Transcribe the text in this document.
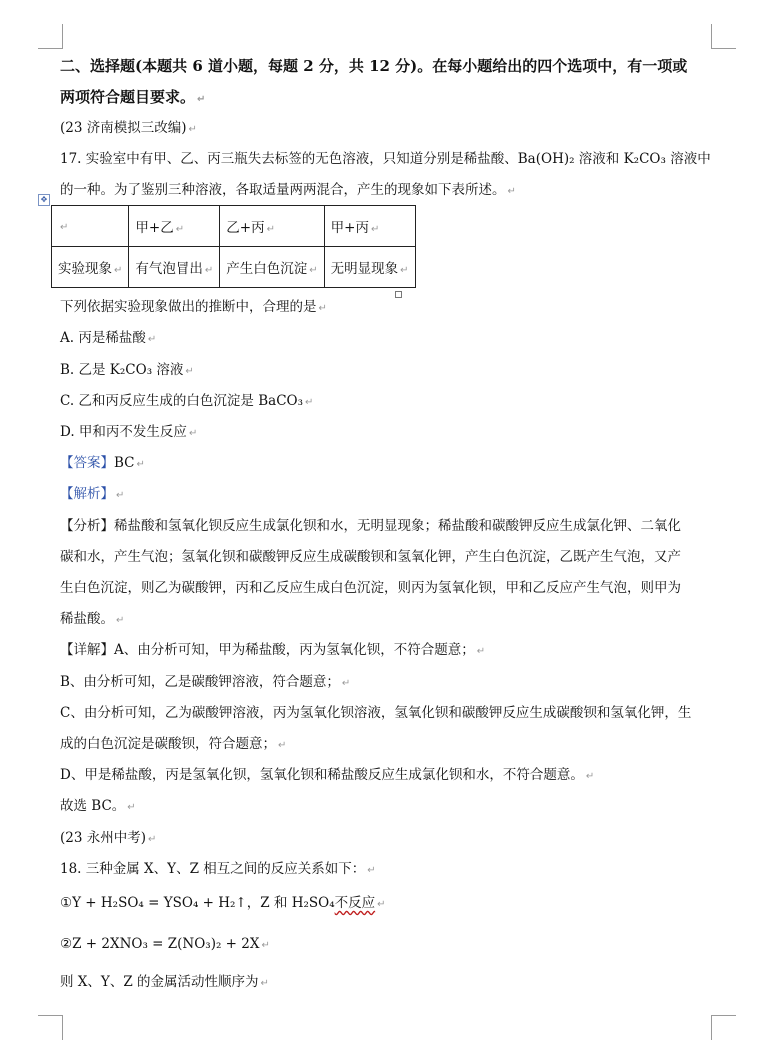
二、选择题(本题共 6 道小题，每题 2 分，共 12 分)。在每小题给出的四个选项中，有一项或
两项符合题目要求。 ↵
(23 济南模拟三改编) ↵
17. 实验室中有甲、乙、丙三瓶失去标签的无色溶液，只知道分别是稀盐酸、Ba(OH)₂ 溶液和 K₂CO₃ 溶液中
的一种。为了鉴别三种溶液，各取适量两两混合，产生的现象如下表所述。 ↵
✥
↵	甲+乙 ↵	乙+丙 ↵	甲+丙 ↵
实验现象 ↵	有气泡冒出 ↵	产生白色沉淀 ↵	无明显现象 ↵
下列依据实验现象做出的推断中，合理的是 ↵
A. 丙是稀盐酸 ↵
B. 乙是 K₂CO₃ 溶液 ↵
C. 乙和丙反应生成的白色沉淀是 BaCO₃ ↵
D. 甲和丙不发生反应 ↵
【答案】BC ↵
【解析】 ↵
【分析】稀盐酸和氢氧化钡反应生成氯化钡和水，无明显现象；稀盐酸和碳酸钾反应生成氯化钾、二氧化
碳和水，产生气泡；氢氧化钡和碳酸钾反应生成碳酸钡和氢氧化钾，产生白色沉淀，乙既产生气泡，又产
生白色沉淀，则乙为碳酸钾，丙和乙反应生成白色沉淀，则丙为氢氧化钡，甲和乙反应产生气泡，则甲为
稀盐酸。 ↵
【详解】A、由分析可知，甲为稀盐酸，丙为氢氧化钡，不符合题意； ↵
B、由分析可知，乙是碳酸钾溶液，符合题意； ↵
C、由分析可知，乙为碳酸钾溶液，丙为氢氧化钡溶液，氢氧化钡和碳酸钾反应生成碳酸钡和氢氧化钾，生
成的白色沉淀是碳酸钡，符合题意； ↵
D、甲是稀盐酸，丙是氢氧化钡，氢氧化钡和稀盐酸反应生成氯化钡和水，不符合题意。 ↵
故选 BC。 ↵
(23 永州中考) ↵
18. 三种金属 X、Y、Z 相互之间的反应关系如下： ↵
①Y + H₂SO₄ = YSO₄ + H₂↑，Z 和 H₂SO₄不反应 ↵
②Z + 2XNO₃ = Z(NO₃)₂ + 2X ↵
则 X、Y、Z 的金属活动性顺序为 ↵
